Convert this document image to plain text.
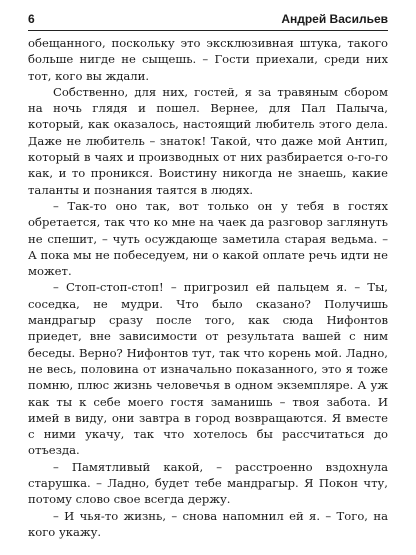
6	Андрей Васильев

обещанного, поскольку это эксклюзивная штука, такого больше нигде не сыщешь. – Гости приехали, среди них тот, кого вы ждали.

Собственно, для них, гостей, я за травяным сбором на ночь глядя и пошел. Вернее, для Пал Палыча, который, как оказалось, настоящий любитель этого дела. Даже не любитель – знаток! Такой, что даже мой Антип, который в чаях и производных от них разбирается о-го-го как, и то проникся. Воистину никогда не знаешь, какие таланты и познания таятся в людях.

– Так-то оно так, вот только он у тебя в гостях обретается, так что ко мне на чаек да разговор заглянуть не спешит, – чуть осуждающе заметила старая ведьма. – А пока мы не побеседуем, ни о какой оплате речь идти не может.

– Стоп-стоп-стоп! – пригрозил ей пальцем я. – Ты, соседка, не мудри. Что было сказано? Получишь мандрагыр сразу после того, как сюда Нифонтов приедет, вне зависимости от результата вашей с ним беседы. Верно? Нифонтов тут, так что корень мой. Ладно, не весь, половина от изначально показанного, это я тоже помню, плюс жизнь человечья в одном экземпляре. А уж как ты к себе моего гостя заманишь – твоя забота. И имей в виду, они завтра в город возвращаются. Я вместе с ними укачу, так что хотелось бы рассчитаться до отъезда.

– Памятливый какой, – расстроенно вздохнула старушка. – Ладно, будет тебе мандрагыр. Я Покон чту, потому слово свое всегда держу.

– И чья-то жизнь, – снова напомнил ей я. – Того, на кого укажу.
